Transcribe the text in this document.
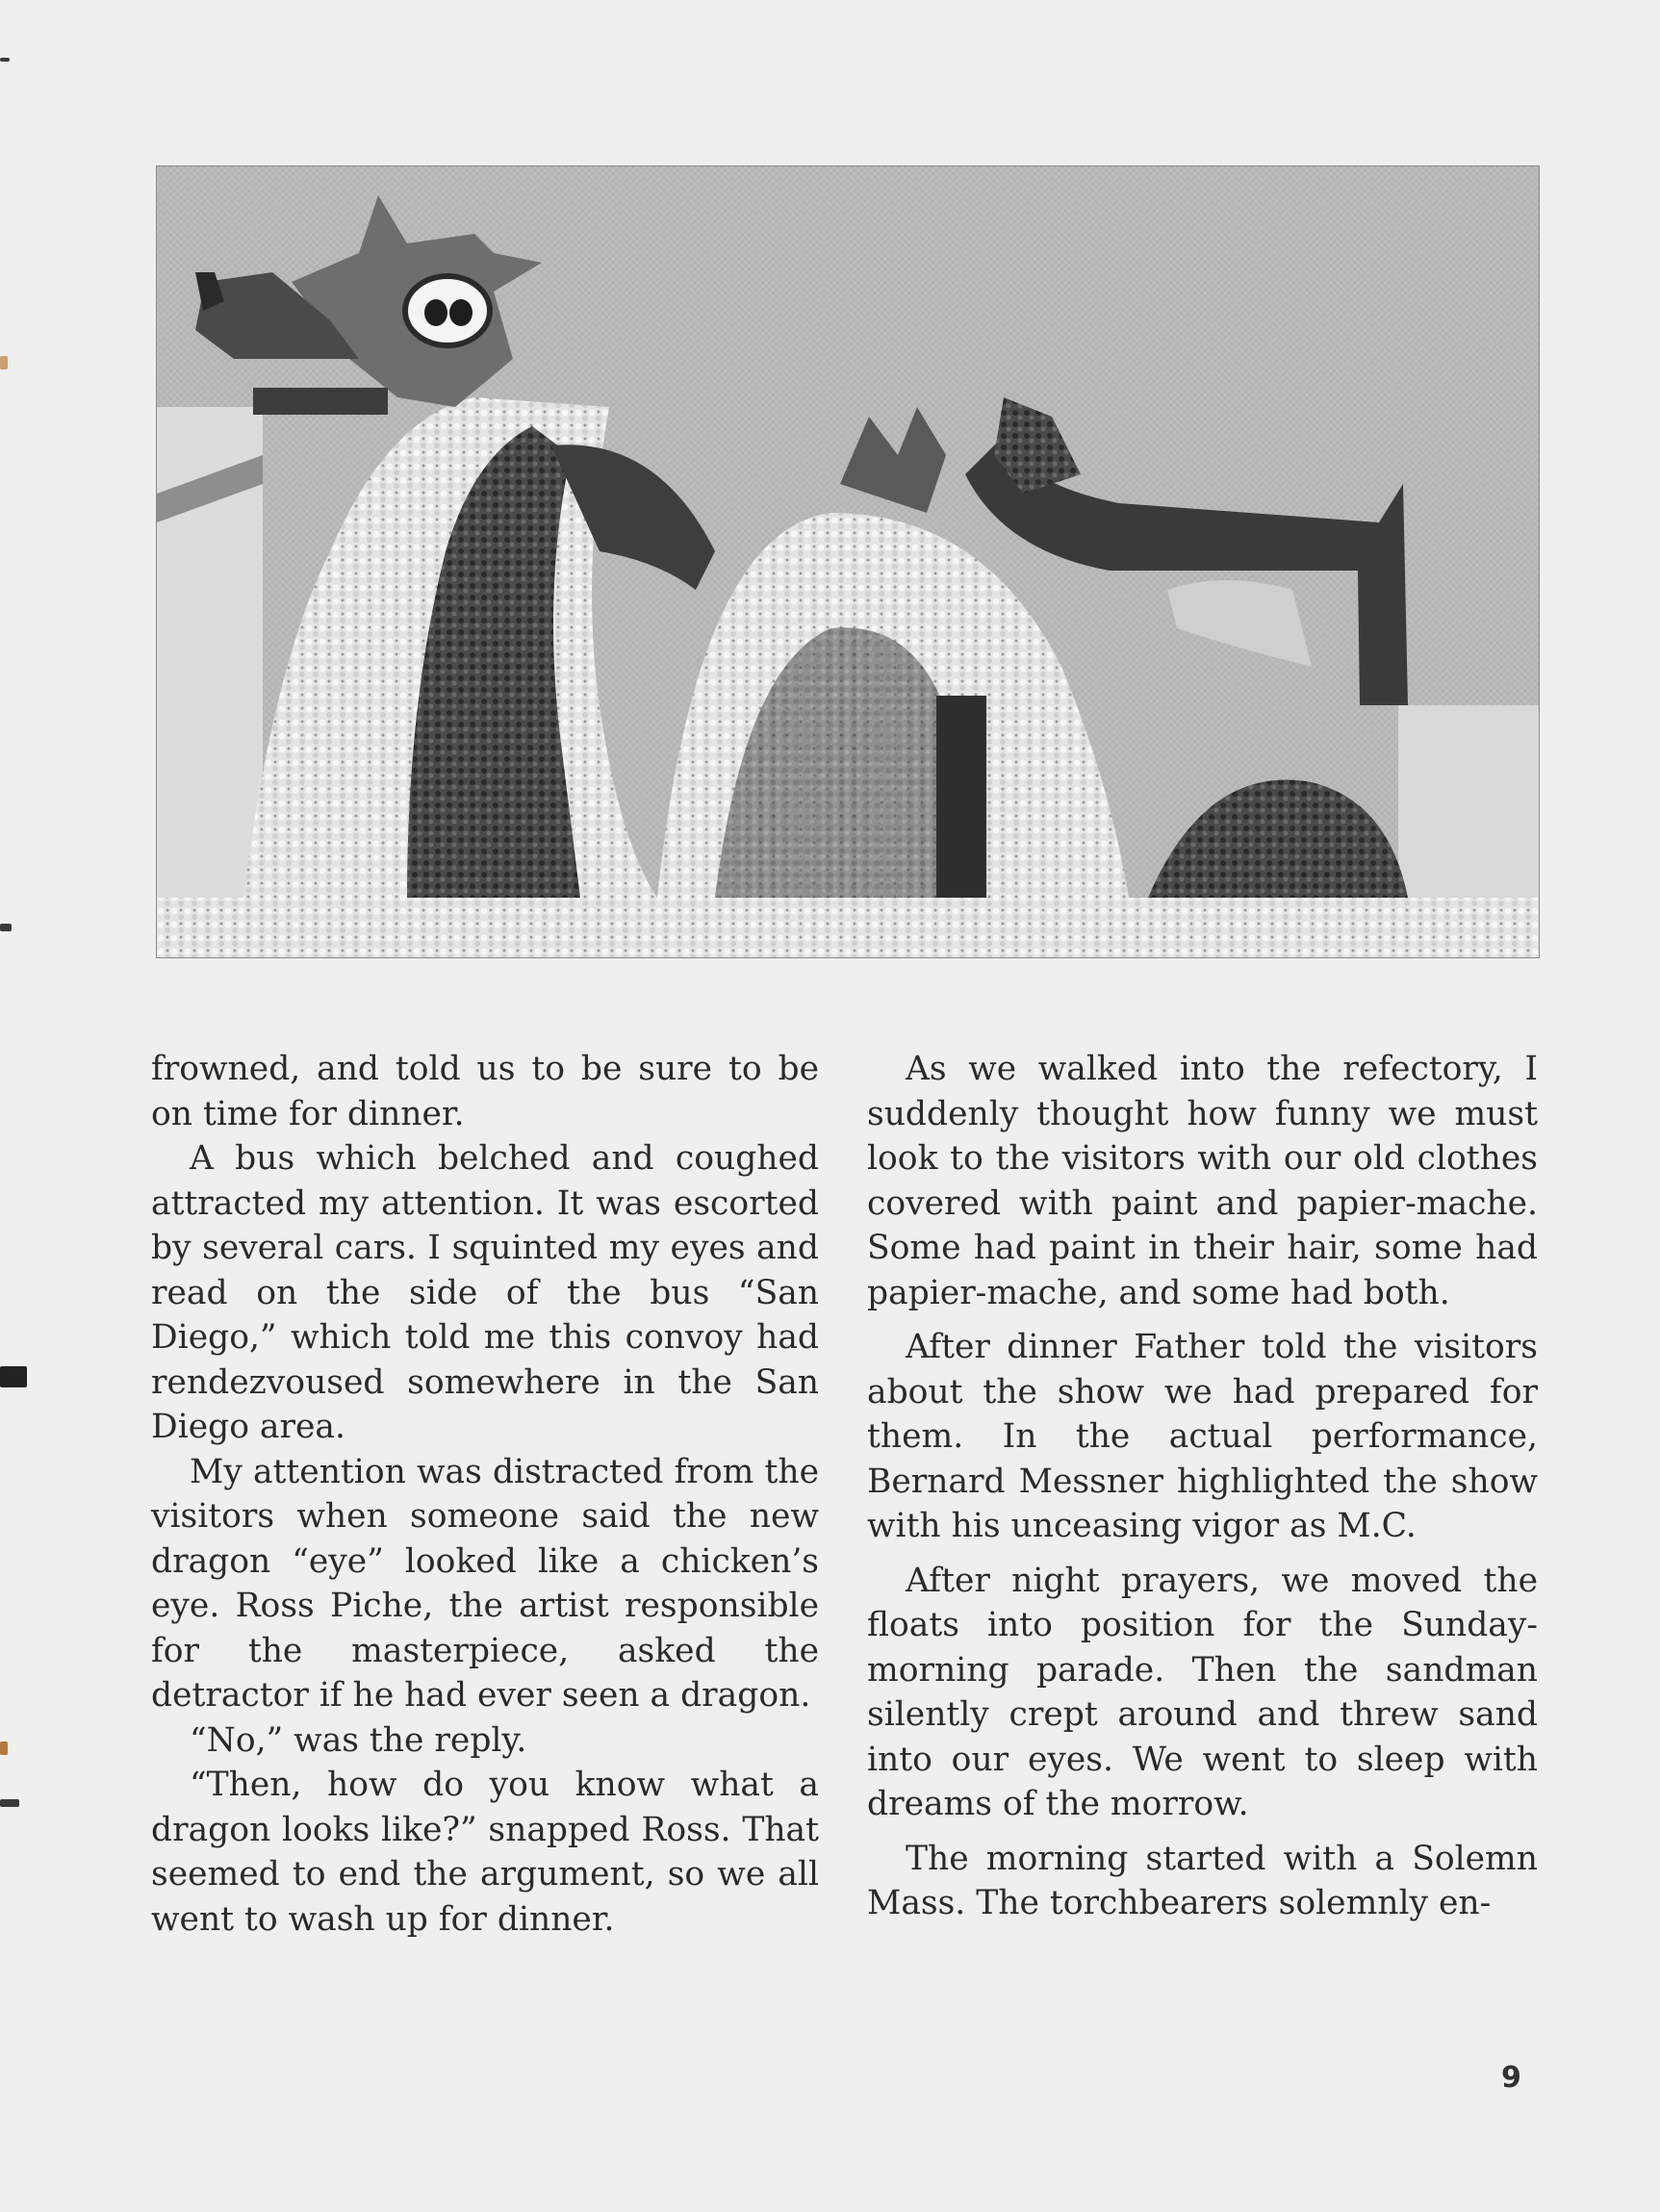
frowned, and told us to be sure to be on time for dinner.

A bus which belched and coughed attracted my attention. It was escorted by several cars. I squinted my eyes and read on the side of the bus “San Diego,” which told me this convoy had rendezvoused somewhere in the San Diego area.

My attention was distracted from the visitors when someone said the new dragon “eye” looked like a chicken’s eye. Ross Piche, the artist responsible for the masterpiece, asked the detractor if he had ever seen a dragon.

“No,” was the reply.

“Then, how do you know what a dragon looks like?” snapped Ross. That seemed to end the argument, so we all went to wash up for dinner.

As we walked into the refectory, I suddenly thought how funny we must look to the visitors with our old clothes covered with paint and papier-mache. Some had paint in their hair, some had papier-mache, and some had both.

After dinner Father told the visitors about the show we had prepared for them. In the actual performance, Bernard Messner highlighted the show with his unceasing vigor as M.C.

After night prayers, we moved the floats into position for the Sunday-morning parade. Then the sandman silently crept around and threw sand into our eyes. We went to sleep with dreams of the morrow.

The morning started with a Solemn Mass. The torchbearers solemnly en-

9
